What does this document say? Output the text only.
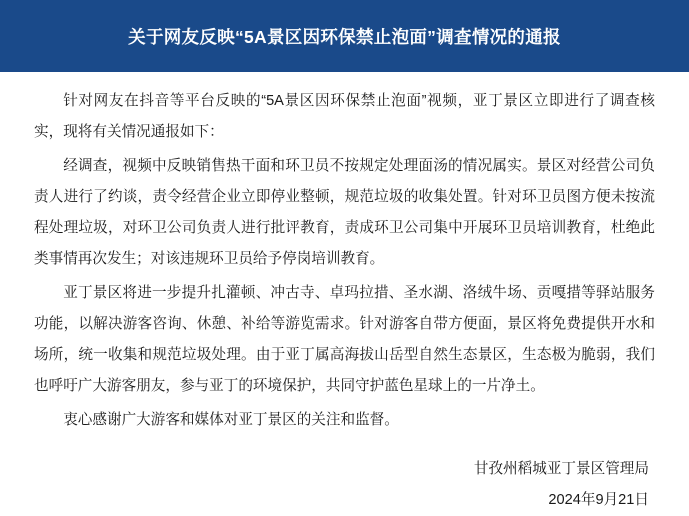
关于网友反映“5A景区因环保禁止泡面”调查情况的通报

针对网友在抖音等平台反映的“5A景区因环保禁止泡面”视频，亚丁景区立即进行了调查核实，现将有关情况通报如下：

经调查，视频中反映销售热干面和环卫员不按规定处理面汤的情况属实。景区对经营公司负责人进行了约谈，责令经营企业立即停业整顿，规范垃圾的收集处置。针对环卫员图方便未按流程处理垃圾，对环卫公司负责人进行批评教育，责成环卫公司集中开展环卫员培训教育，杜绝此类事情再次发生；对该违规环卫员给予停岗培训教育。

亚丁景区将进一步提升扎灌顿、冲古寺、卓玛拉措、圣水湖、洛绒牛场、贡嘎措等驿站服务功能，以解决游客咨询、休憩、补给等游览需求。针对游客自带方便面，景区将免费提供开水和场所，统一收集和规范垃圾处理。由于亚丁属高海拔山岳型自然生态景区，生态极为脆弱，我们也呼吁广大游客朋友，参与亚丁的环境保护，共同守护蓝色星球上的一片净土。

衷心感谢广大游客和媒体对亚丁景区的关注和监督。

甘孜州稻城亚丁景区管理局
2024年9月21日
